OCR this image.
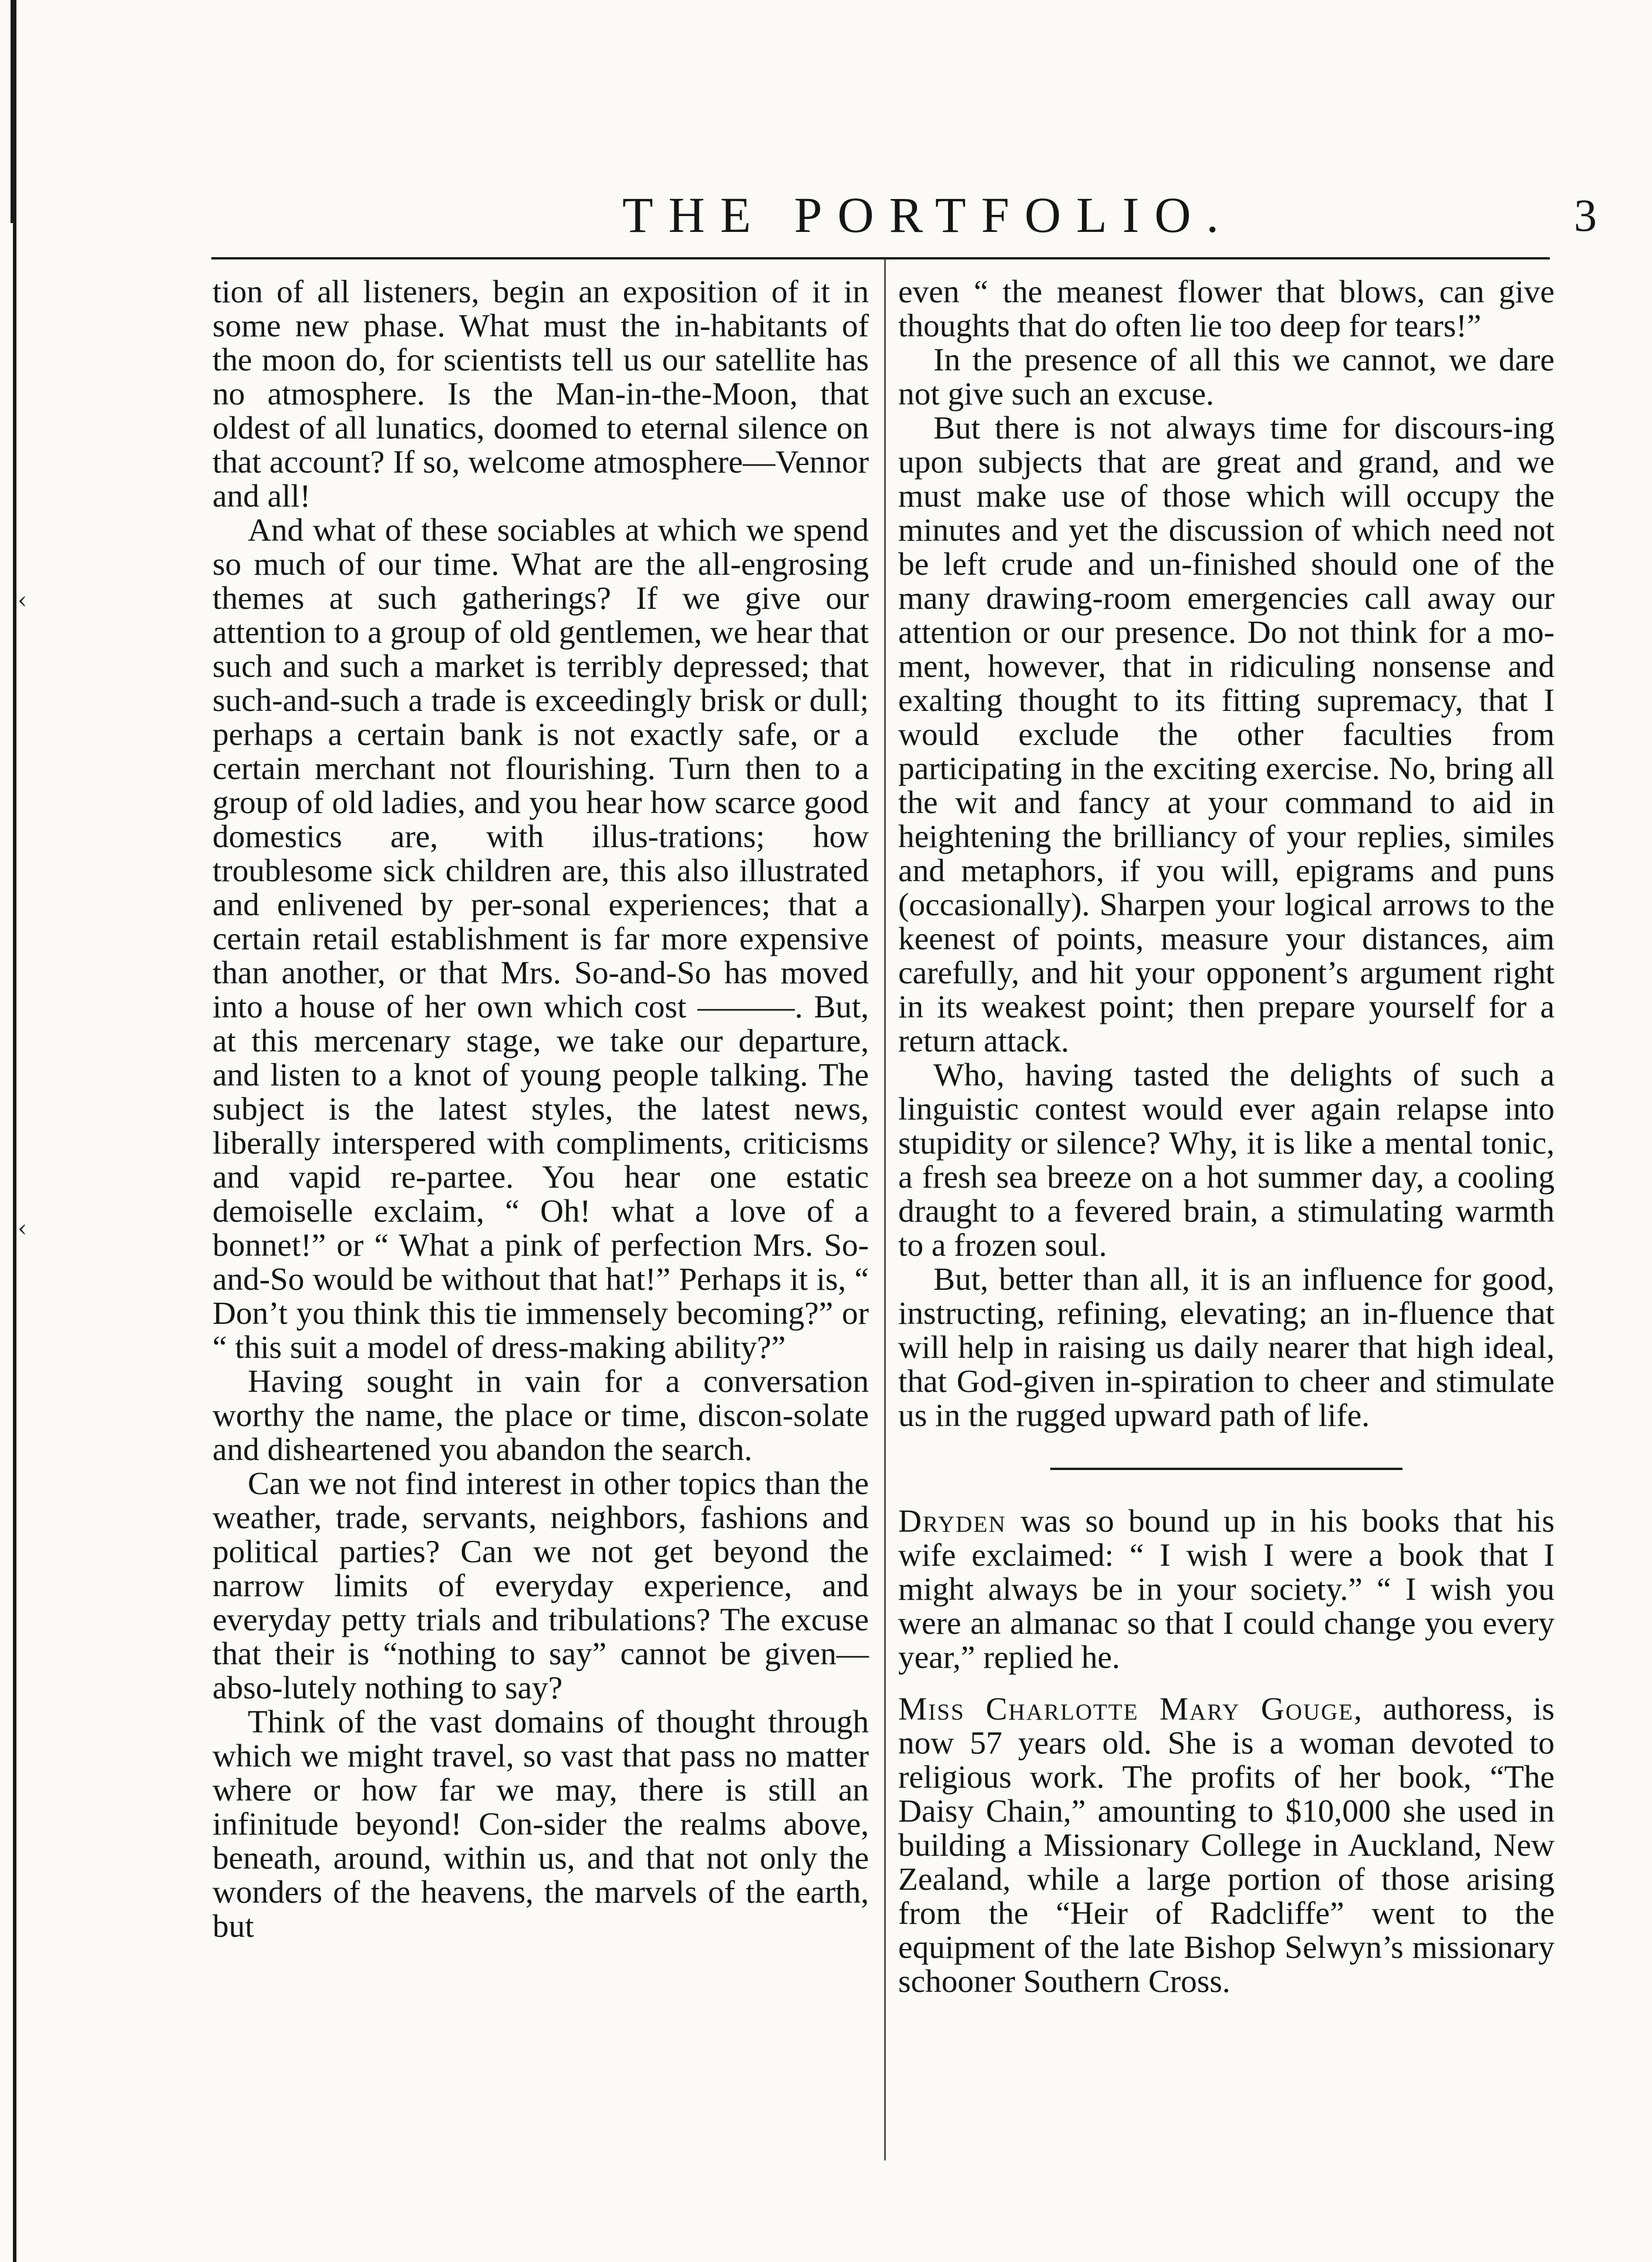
‹
‹
THE PORTFOLIO.	3

tion of all listeners, begin an exposition of it in some new phase. What must the in-habitants of the moon do, for scientists tell us our satellite has no atmosphere. Is the Man-in-the-Moon, that oldest of all lunatics, doomed to eternal silence on that account? If so, welcome atmosphere—Vennor and all!

And what of these sociables at which we spend so much of our time. What are the all-engrosing themes at such gatherings? If we give our attention to a group of old gentlemen, we hear that such and such a market is terribly depressed; that such-and-such a trade is exceedingly brisk or dull; perhaps a certain bank is not exactly safe, or a certain merchant not flourishing. Turn then to a group of old ladies, and you hear how scarce good domestics are, with illus-trations; how troublesome sick children are, this also illustrated and enlivened by per-sonal experiences; that a certain retail establishment is far more expensive than another, or that Mrs. So-and-So has moved into a house of her own which cost ———. But, at this mercenary stage, we take our departure, and listen to a knot of young people talking. The subject is the latest styles, the latest news, liberally interspered with compliments, criticisms and vapid re-partee. You hear one estatic demoiselle exclaim, “ Oh! what a love of a bonnet!” or “ What a pink of perfection Mrs. So-and-So would be without that hat!” Perhaps it is, “ Don’t you think this tie immensely becoming?” or “ this suit a model of dress-making ability?”

Having sought in vain for a conversation worthy the name, the place or time, discon-solate and disheartened you abandon the search.

Can we not find interest in other topics than the weather, trade, servants, neighbors, fashions and political parties? Can we not get beyond the narrow limits of everyday experience, and everyday petty trials and tribulations? The excuse that their is “nothing to say” cannot be given—abso-lutely nothing to say?

Think of the vast domains of thought through which we might travel, so vast that pass no matter where or how far we may, there is still an infinitude beyond! Con-sider the realms above, beneath, around, within us, and that not only the wonders of the heavens, the marvels of the earth, but

even “ the meanest flower that blows, can give thoughts that do often lie too deep for tears!”

In the presence of all this we cannot, we dare not give such an excuse.

But there is not always time for discours-ing upon subjects that are great and grand, and we must make use of those which will occupy the minutes and yet the discussion of which need not be left crude and un-finished should one of the many drawing-room emergencies call away our attention or our presence. Do not think for a mo-ment, however, that in ridiculing nonsense and exalting thought to its fitting supremacy, that I would exclude the other faculties from participating in the exciting exercise. No, bring all the wit and fancy at your command to aid in heightening the brilliancy of your replies, similes and metaphors, if you will, epigrams and puns (occasionally). Sharpen your logical arrows to the keenest of points, measure your distances, aim carefully, and hit your opponent’s argument right in its weakest point; then prepare yourself for a return attack.

Who, having tasted the delights of such a linguistic contest would ever again relapse into stupidity or silence? Why, it is like a mental tonic, a fresh sea breeze on a hot summer day, a cooling draught to a fevered brain, a stimulating warmth to a frozen soul.

But, better than all, it is an influence for good, instructing, refining, elevating; an in-fluence that will help in raising us daily nearer that high ideal, that God-given in-spiration to cheer and stimulate us in the rugged upward path of life.

Dryden was so bound up in his books that his wife exclaimed: “ I wish I were a book that I might always be in your society.” “ I wish you were an almanac so that I could change you every year,” replied he.

Miss Charlotte Mary Gouge, authoress, is now 57 years old. She is a woman devoted to religious work. The profits of her book, “The Daisy Chain,” amounting to $10,000 she used in building a Missionary College in Auckland, New Zealand, while a large portion of those arising from the “Heir of Radcliffe” went to the equipment of the late Bishop Selwyn’s missionary schooner Southern Cross.
